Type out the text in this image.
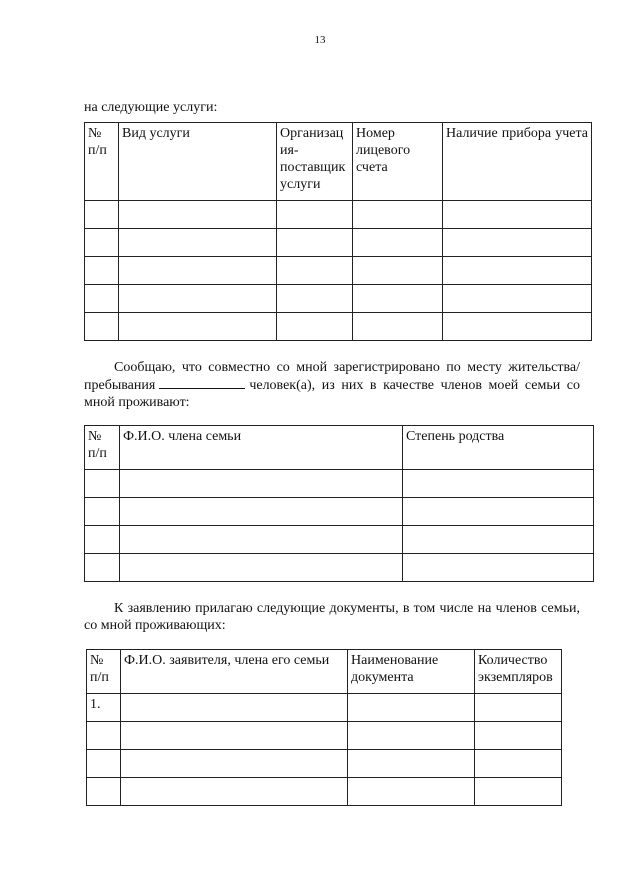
13
на следующие услуги:
№ п/п	Вид услуги	Организац ия-поставщик услуги	Номер лицевого счета	Наличие прибора учета

Сообщаю, что совместно со мной зарегистрировано по месту жительства/пребывания	человек(а), из них в качестве членов моей семьи со мной проживают:
№ п/п	Ф.И.О. члена семьи	Степень родства

К заявлению прилагаю следующие документы, в том числе на членов семьи, со мной проживающих:
№ п/п	Ф.И.О. заявителя, члена его семьи	Наименование документа	Количество экземпляров
1.			
